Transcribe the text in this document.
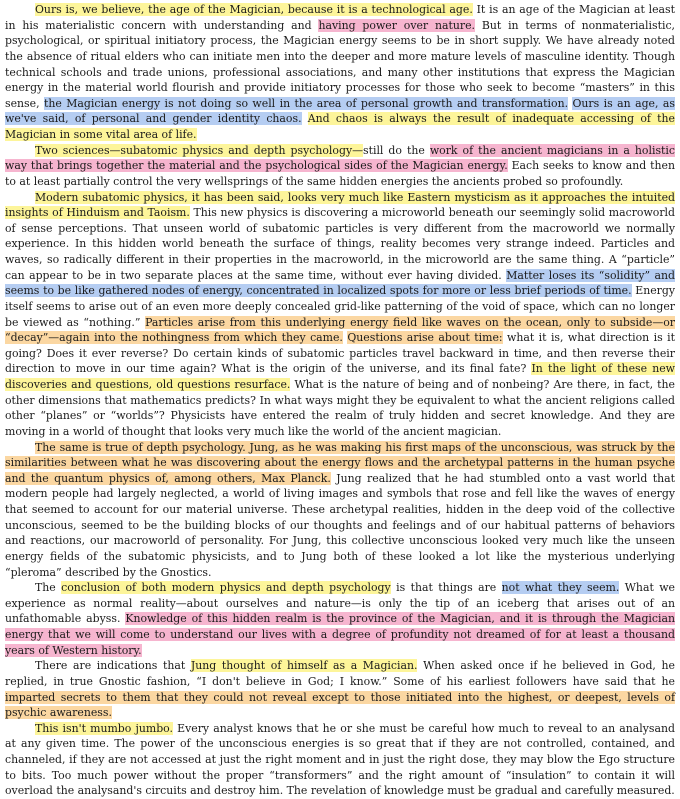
Ours is, we believe, the age of the Magician, because it is a technological age. It is an age of the Magician at least in his materialistic concern with understanding and having power over nature. But in terms of nonmaterialistic, psychological, or spiritual initiatory process, the Magician energy seems to be in short supply. We have already noted the absence of ritual elders who can initiate men into the deeper and more mature levels of masculine identity. Though technical schools and trade unions, professional associations, and many other institutions that express the Magician energy in the material world flourish and provide initiatory processes for those who seek to become “masters” in this sense, the Magician energy is not doing so well in the area of personal growth and transformation. Ours is an age, as we've said, of personal and gender identity chaos. And chaos is always the result of inadequate accessing of the Magician in some vital area of life.

Two sciences—subatomic physics and depth psychology—still do the work of the ancient magicians in a holistic way that brings together the material and the psychological sides of the Magician energy. Each seeks to know and then to at least partially control the very wellsprings of the same hidden energies the ancients probed so profoundly.

Modern subatomic physics, it has been said, looks very much like Eastern mysticism as it approaches the intuited insights of Hinduism and Taoism. This new physics is discovering a microworld beneath our seemingly solid macroworld of sense perceptions. That unseen world of subatomic particles is very different from the macroworld we normally experience. In this hidden world beneath the surface of things, reality becomes very strange indeed. Particles and waves, so radically different in their properties in the macroworld, in the microworld are the same thing. A “particle” can appear to be in two separate places at the same time, without ever having divided. Matter loses its “solidity” and seems to be like gathered nodes of energy, concentrated in localized spots for more or less brief periods of time. Energy itself seems to arise out of an even more deeply concealed grid-like patterning of the void of space, which can no longer be viewed as “nothing.” Particles arise from this underlying energy field like waves on the ocean, only to subside—or “decay”—again into the nothingness from which they came. Questions arise about time: what it is, what direction is it going? Does it ever reverse? Do certain kinds of subatomic particles travel backward in time, and then reverse their direction to move in our time again? What is the origin of the universe, and its final fate? In the light of these new discoveries and questions, old questions resurface. What is the nature of being and of nonbeing? Are there, in fact, the other dimensions that mathematics predicts? In what ways might they be equivalent to what the ancient religions called other “planes” or “worlds”? Physicists have entered the realm of truly hidden and secret knowledge. And they are moving in a world of thought that looks very much like the world of the ancient magician.

The same is true of depth psychology. Jung, as he was making his first maps of the unconscious, was struck by the similarities between what he was discovering about the energy flows and the archetypal patterns in the human psyche and the quantum physics of, among others, Max Planck. Jung realized that he had stumbled onto a vast world that modern people had largely neglected, a world of living images and symbols that rose and fell like the waves of energy that seemed to account for our material universe. These archetypal realities, hidden in the deep void of the collective unconscious, seemed to be the building blocks of our thoughts and feelings and of our habitual patterns of behaviors and reactions, our macroworld of personality. For Jung, this collective unconscious looked very much like the unseen energy fields of the subatomic physicists, and to Jung both of these looked a lot like the mysterious underlying “pleroma” described by the Gnostics.

The conclusion of both modern physics and depth psychology is that things are not what they seem. What we experience as normal reality—about ourselves and nature—is only the tip of an iceberg that arises out of an unfathomable abyss. Knowledge of this hidden realm is the province of the Magician, and it is through the Magician energy that we will come to understand our lives with a degree of profundity not dreamed of for at least a thousand years of Western history.

There are indications that Jung thought of himself as a Magician. When asked once if he believed in God, he replied, in true Gnostic fashion, “I don't believe in God; I know.” Some of his earliest followers have said that he imparted secrets to them that they could not reveal except to those initiated into the highest, or deepest, levels of psychic awareness.

This isn't mumbo jumbo. Every analyst knows that he or she must be careful how much to reveal to an analysand at any given time. The power of the unconscious energies is so great that if they are not controlled, contained, and channeled, if they are not accessed at just the right moment and in just the right dose, they may blow the Ego structure to bits. Too much power without the proper “transformers” and the right amount of “insulation” to contain it will overload the analysand's circuits and destroy him. The revelation of knowledge must be gradual and carefully measured.
